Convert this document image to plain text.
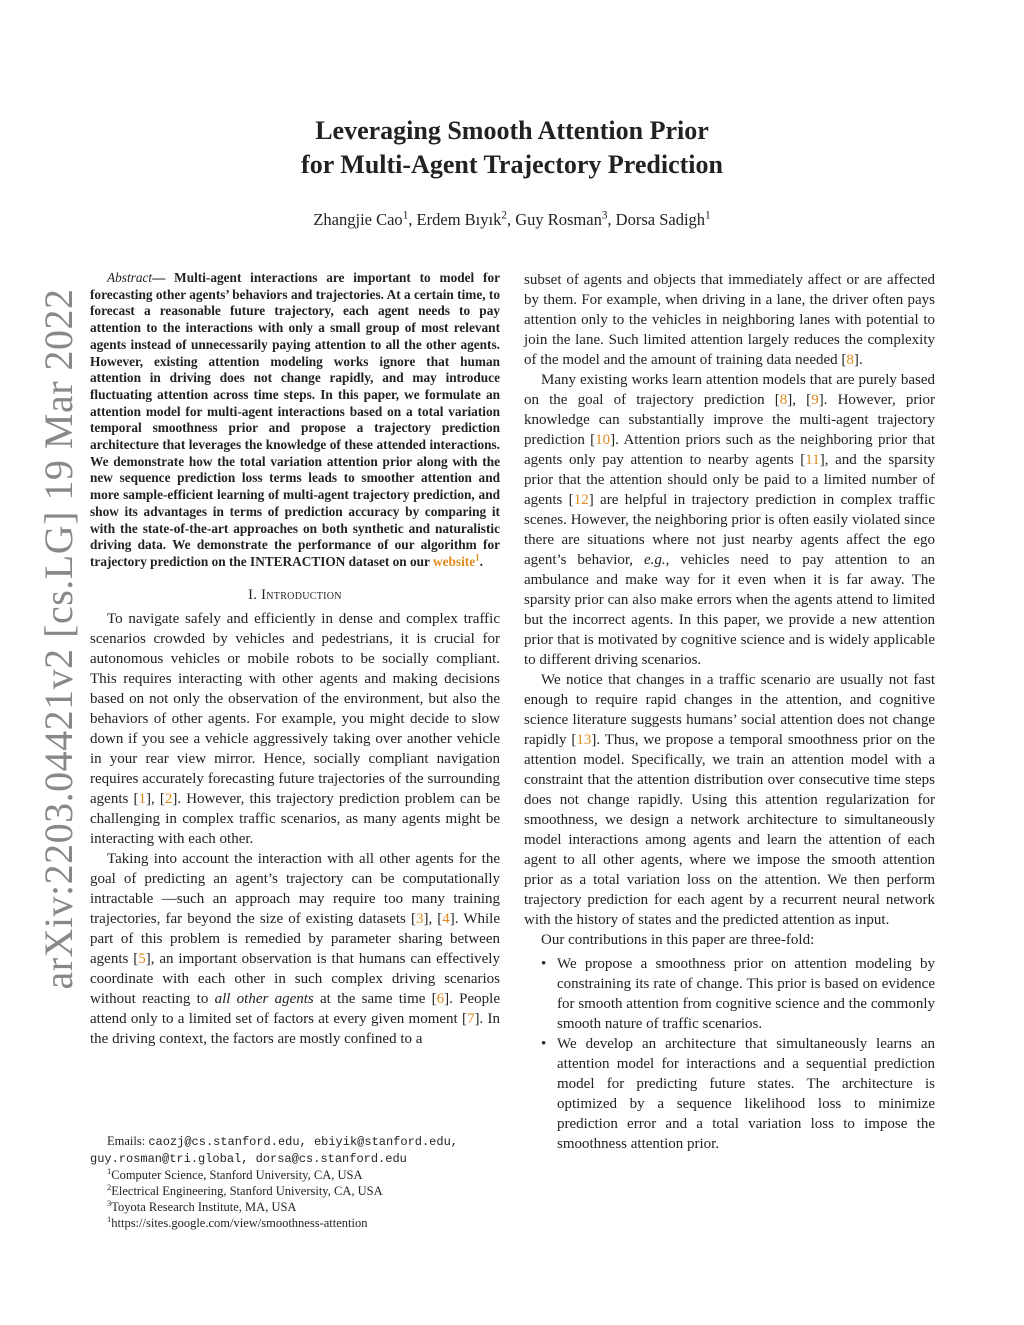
arXiv:2203.04421v2 [cs.LG] 19 Mar 2022
Leveraging Smooth Attention Prior
for Multi-Agent Trajectory Prediction
Zhangjie Cao$^1$, Erdem Bıyık$^2$, Guy Rosman$^3$, Dorsa Sadigh$^1$

Abstract— Multi-agent interactions are important to model for forecasting other agents’ behaviors and trajectories. At a certain time, to forecast a reasonable future trajectory, each agent needs to pay attention to the interactions with only a small group of most relevant agents instead of unnecessarily paying attention to all the other agents. However, existing attention modeling works ignore that human attention in driving does not change rapidly, and may introduce fluctuating attention across time steps. In this paper, we formulate an attention model for multi-agent interactions based on a total variation temporal smoothness prior and propose a trajectory prediction architecture that leverages the knowledge of these attended interactions. We demonstrate how the total variation attention prior along with the new sequence prediction loss terms leads to smoother attention and more sample-efficient learning of multi-agent trajectory prediction, and show its advantages in terms of prediction accuracy by comparing it with the state-of-the-art approaches on both synthetic and naturalistic driving data. We demonstrate the performance of our algorithm for trajectory prediction on the INTERACTION dataset on our website$^1$.

I. Introduction

To navigate safely and efficiently in dense and complex traffic scenarios crowded by vehicles and pedestrians, it is crucial for autonomous vehicles or mobile robots to be socially compliant. This requires interacting with other agents and making decisions based on not only the observation of the environment, but also the behaviors of other agents. For example, you might decide to slow down if you see a vehicle aggressively taking over another vehicle in your rear view mirror. Hence, socially compliant navigation requires accurately forecasting future trajectories of the surrounding agents [1], [2]. However, this trajectory prediction problem can be challenging in complex traffic scenarios, as many agents might be interacting with each other.

Taking into account the interaction with all other agents for the goal of predicting an agent’s trajectory can be computationally intractable —such an approach may require too many training trajectories, far beyond the size of existing datasets [3], [4]. While part of this problem is remedied by parameter sharing between agents [5], an important observation is that humans can effectively coordinate with each other in such complex driving scenarios without reacting to all other agents at the same time [6]. People attend only to a limited set of factors at every given moment [7]. In the driving context, the factors are mostly confined to a

Emails: caozj@cs.stanford.edu, ebiyik@stanford.edu, guy.rosman@tri.global, dorsa@cs.stanford.edu
$^1$Computer Science, Stanford University, CA, USA
$^2$Electrical Engineering, Stanford University, CA, USA
$^3$Toyota Research Institute, MA, USA
$^1$https://sites.google.com/view/smoothness-attention

subset of agents and objects that immediately affect or are affected by them. For example, when driving in a lane, the driver often pays attention only to the vehicles in neighboring lanes with potential to join the lane. Such limited attention largely reduces the complexity of the model and the amount of training data needed [8].

Many existing works learn attention models that are purely based on the goal of trajectory prediction [8], [9]. However, prior knowledge can substantially improve the multi-agent trajectory prediction [10]. Attention priors such as the neighboring prior that agents only pay attention to nearby agents [11], and the sparsity prior that the attention should only be paid to a limited number of agents [12] are helpful in trajectory prediction in complex traffic scenes. However, the neighboring prior is often easily violated since there are situations where not just nearby agents affect the ego agent’s behavior, e.g., vehicles need to pay attention to an ambulance and make way for it even when it is far away. The sparsity prior can also make errors when the agents attend to limited but the incorrect agents. In this paper, we provide a new attention prior that is motivated by cognitive science and is widely applicable to different driving scenarios.

We notice that changes in a traffic scenario are usually not fast enough to require rapid changes in the attention, and cognitive science literature suggests humans’ social attention does not change rapidly [13]. Thus, we propose a temporal smoothness prior on the attention model. Specifically, we train an attention model with a constraint that the attention distribution over consecutive time steps does not change rapidly. Using this attention regularization for smoothness, we design a network architecture to simultaneously model interactions among agents and learn the attention of each agent to all other agents, where we impose the smooth attention prior as a total variation loss on the attention. We then perform trajectory prediction for each agent by a recurrent neural network with the history of states and the predicted attention as input.

Our contributions in this paper are three-fold:

• We propose a smoothness prior on attention modeling by constraining its rate of change. This prior is based on evidence for smooth attention from cognitive science and the commonly smooth nature of traffic scenarios.
• We develop an architecture that simultaneously learns an attention model for interactions and a sequential prediction model for predicting future states. The architecture is optimized by a sequence likelihood loss to minimize prediction error and a total variation loss to impose the smoothness attention prior.
